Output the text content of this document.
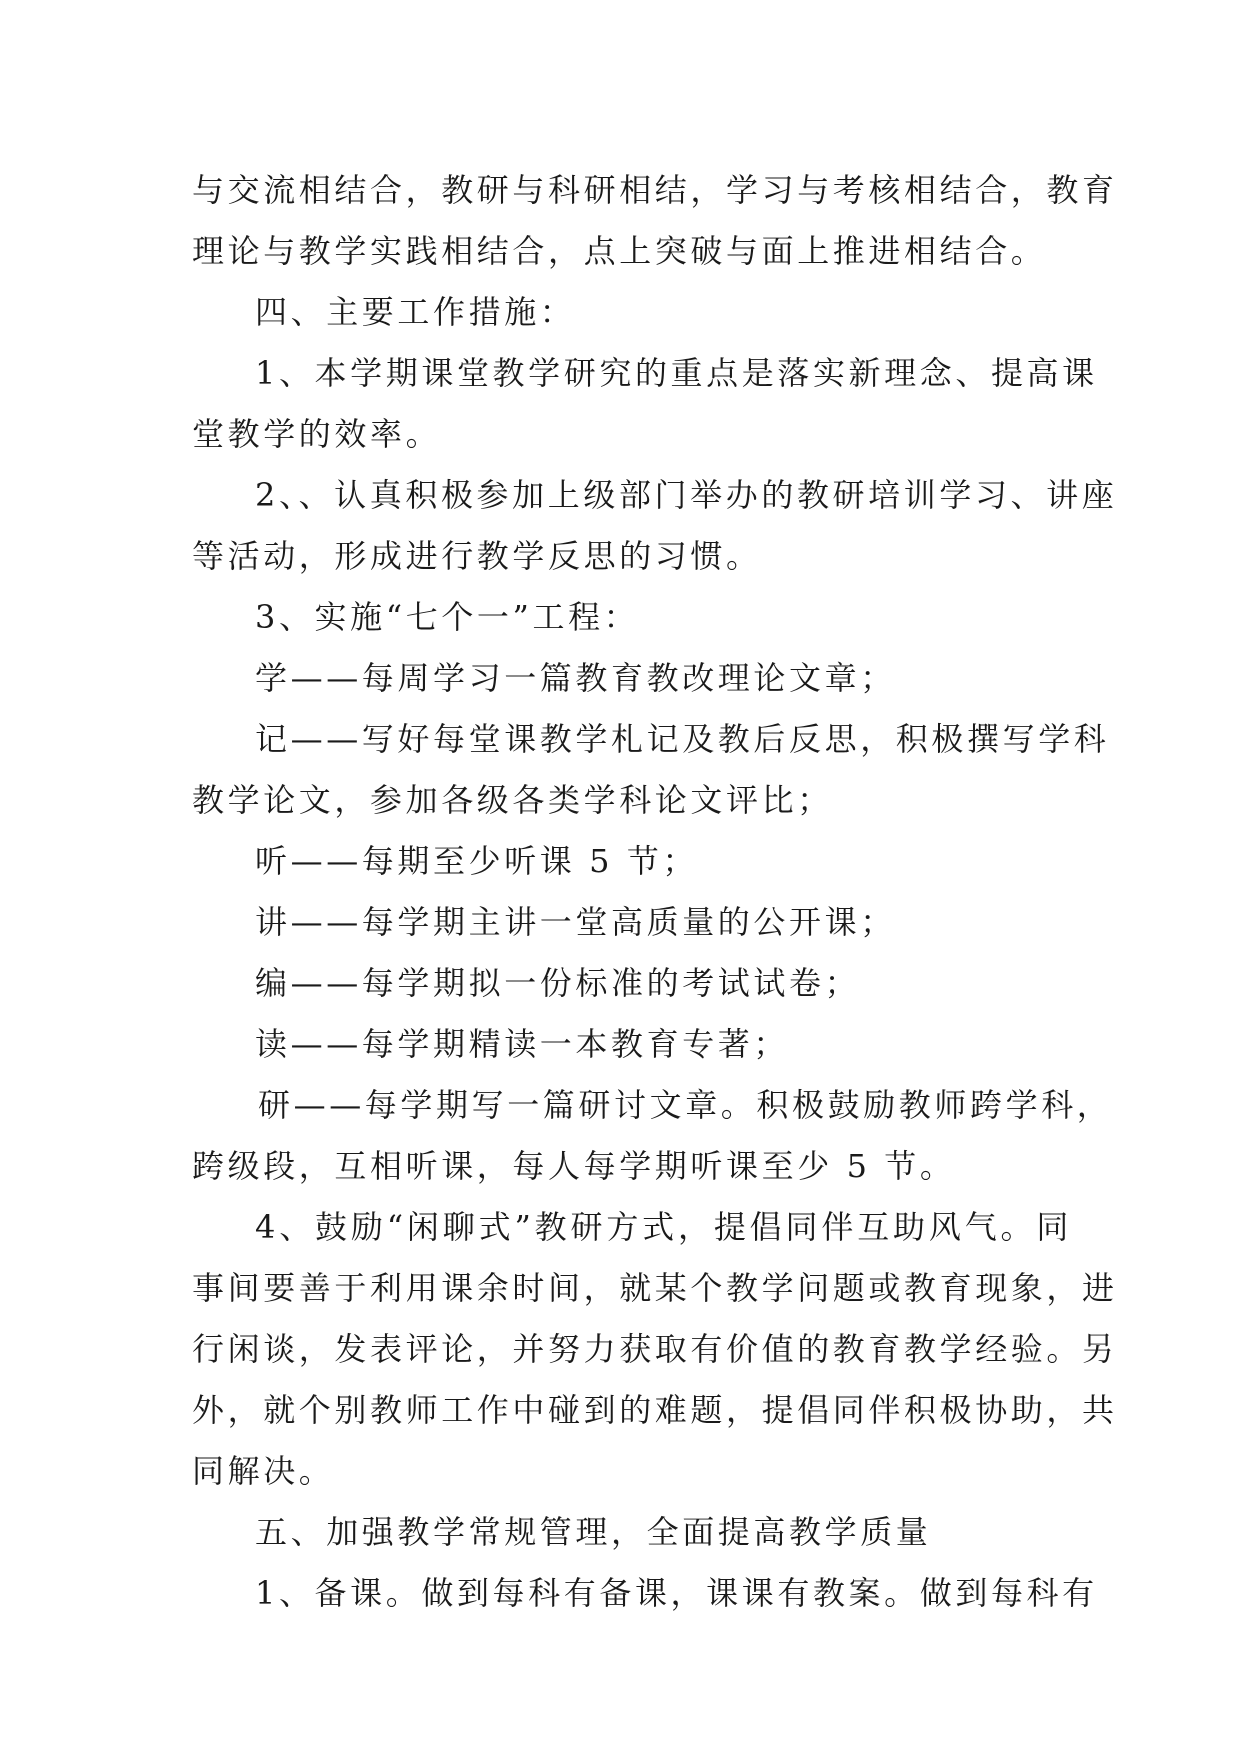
与交流相结合，教研与科研相结，学习与考核相结合，教育
理论与教学实践相结合，点上突破与面上推进相结合。
四、主要工作措施：
1、本学期课堂教学研究的重点是落实新理念、提高课
堂教学的效率。
2、、认真积极参加上级部门举办的教研培训学习、讲座
等活动，形成进行教学反思的习惯。
3、实施“七个一”工程：
学——每周学习一篇教育教改理论文章；
记——写好每堂课教学札记及教后反思，积极撰写学科
教学论文，参加各级各类学科论文评比；
听——每期至少听课 5 节；
讲——每学期主讲一堂高质量的公开课；
编——每学期拟一份标准的考试试卷；
读——每学期精读一本教育专著；
研——每学期写一篇研讨文章。积极鼓励教师跨学科，
跨级段，互相听课，每人每学期听课至少 5 节。
4、鼓励“闲聊式”教研方式，提倡同伴互助风气。同
事间要善于利用课余时间，就某个教学问题或教育现象，进
行闲谈，发表评论，并努力获取有价值的教育教学经验。另
外，就个别教师工作中碰到的难题，提倡同伴积极协助，共
同解决。
五、加强教学常规管理，全面提高教学质量
1、备课。做到每科有备课，课课有教案。做到每科有
